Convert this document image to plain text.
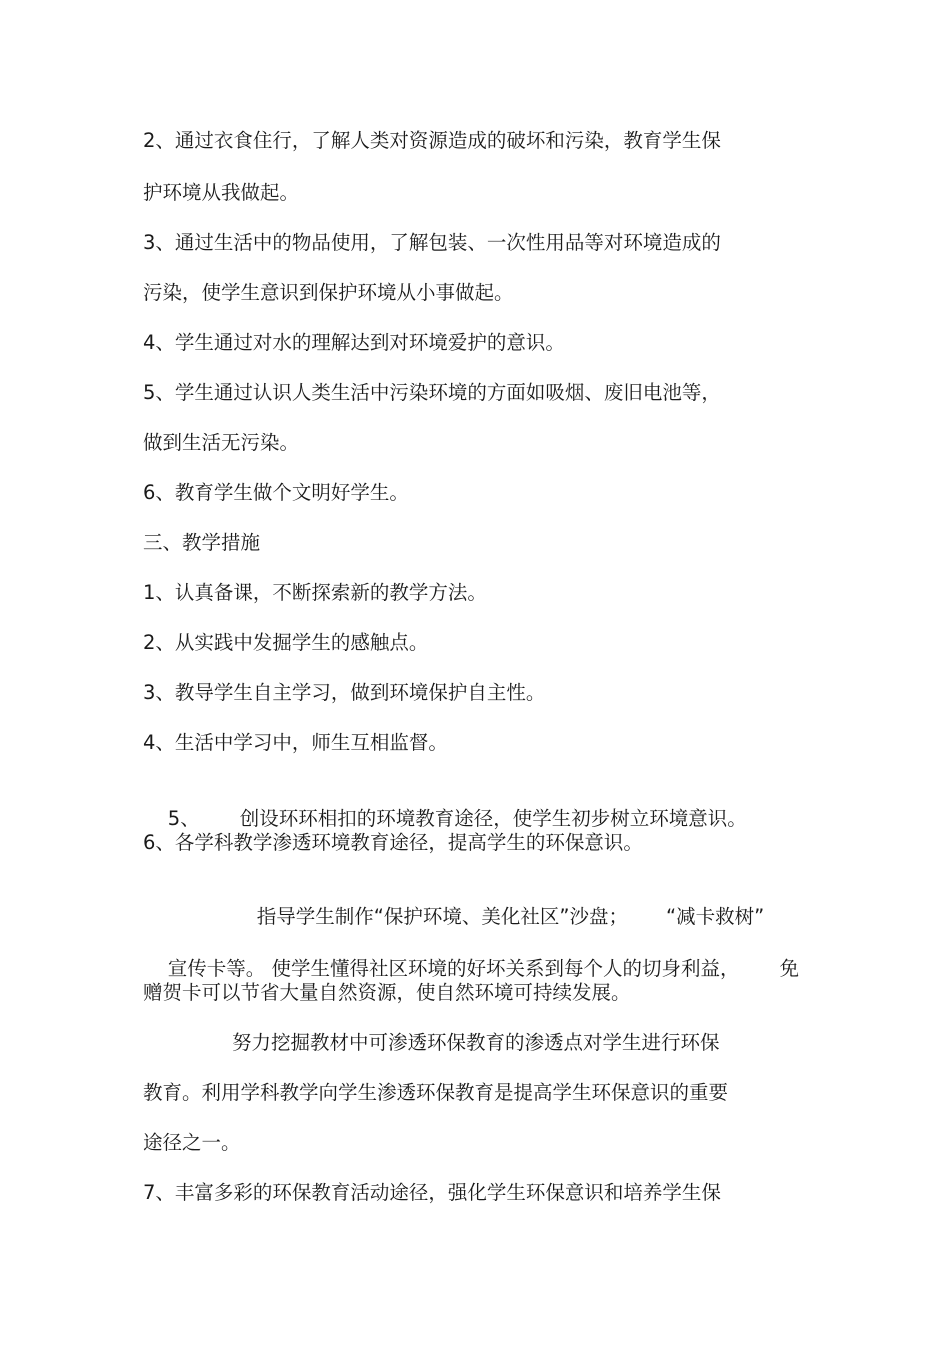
2、通过衣食住行，了解人类对资源造成的破坏和污染，教育学生保
护环境从我做起。
3、通过生活中的物品使用，了解包装、一次性用品等对环境造成的
污染，使学生意识到保护环境从小事做起。
4、学生通过对水的理解达到对环境爱护的意识。
5、学生通过认识人类生活中污染环境的方面如吸烟、废旧电池等，
做到生活无污染。
6、教育学生做个文明好学生。
三、教学措施
1、认真备课，不断探索新的教学方法。
2、从实践中发掘学生的感触点。
3、教导学生自主学习，做到环境保护自主性。
4、生活中学习中，师生互相监督。

5、 创设环环相扣的环境教育途径，使学生初步树立环境意识。

6、各学科教学渗透环境教育途径，提高学生的环保意识。

指导学生制作“保护环境、美化社区”沙盘； “减卡救树”

宣传卡等。 使学生懂得社区环境的好坏关系到每个人的切身利益， 免

赠贺卡可以节省大量自然资源，使自然环境可持续发展。
努力挖掘教材中可渗透环保教育的渗透点对学生进行环保
教育。利用学科教学向学生渗透环保教育是提高学生环保意识的重要
途径之一。
7、丰富多彩的环保教育活动途径，强化学生环保意识和培养学生保
